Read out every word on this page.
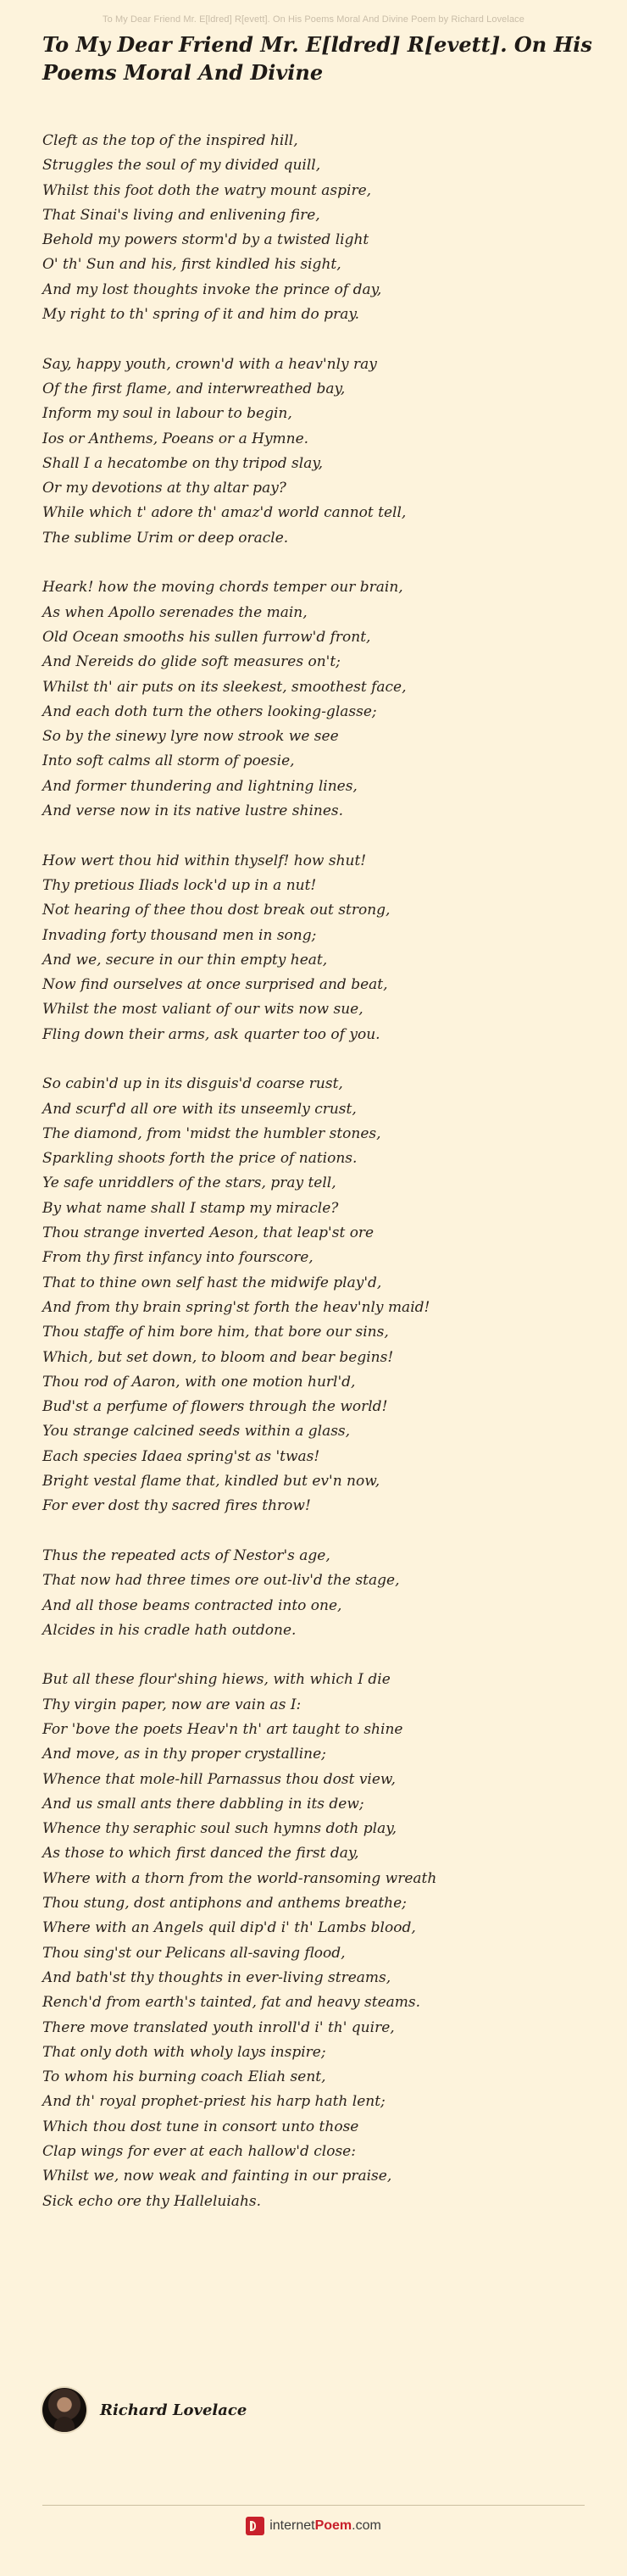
To My Dear Friend Mr. E[ldred] R[evett]. On His Poems Moral And Divine Poem by Richard Lovelace
To My Dear Friend Mr. E[ldred] R[evett]. On His Poems Moral And Divine
Cleft as the top of the inspired hill,
Struggles the soul of my divided quill,
Whilst this foot doth the watry mount aspire,
That Sinai's living and enlivening fire,
Behold my powers storm'd by a twisted light
O' th' Sun and his, first kindled his sight,
And my lost thoughts invoke the prince of day,
My right to th' spring of it and him do pray.
Say, happy youth, crown'd with a heav'nly ray
Of the first flame, and interwreathed bay,
Inform my soul in labour to begin,
Ios or Anthems, Poeans or a Hymne.
Shall I a hecatombe on thy tripod slay,
Or my devotions at thy altar pay?
While which t' adore th' amaz'd world cannot tell,
The sublime Urim or deep oracle.
Heark! how the moving chords temper our brain,
As when Apollo serenades the main,
Old Ocean smooths his sullen furrow'd front,
And Nereids do glide soft measures on't;
Whilst th' air puts on its sleekest, smoothest face,
And each doth turn the others looking-glasse;
So by the sinewy lyre now strook we see
Into soft calms all storm of poesie,
And former thundering and lightning lines,
And verse now in its native lustre shines.
How wert thou hid within thyself! how shut!
Thy pretious Iliads lock'd up in a nut!
Not hearing of thee thou dost break out strong,
Invading forty thousand men in song;
And we, secure in our thin empty heat,
Now find ourselves at once surprised and beat,
Whilst the most valiant of our wits now sue,
Fling down their arms, ask quarter too of you.
So cabin'd up in its disguis'd coarse rust,
And scurf'd all ore with its unseemly crust,
The diamond, from 'midst the humbler stones,
Sparkling shoots forth the price of nations.
Ye safe unriddlers of the stars, pray tell,
By what name shall I stamp my miracle?
Thou strange inverted Aeson, that leap'st ore
From thy first infancy into fourscore,
That to thine own self hast the midwife play'd,
And from thy brain spring'st forth the heav'nly maid!
Thou staffe of him bore him, that bore our sins,
Which, but set down, to bloom and bear begins!
Thou rod of Aaron, with one motion hurl'd,
Bud'st a perfume of flowers through the world!
You strange calcined seeds within a glass,
Each species Idaea spring'st as 'twas!
Bright vestal flame that, kindled but ev'n now,
For ever dost thy sacred fires throw!
Thus the repeated acts of Nestor's age,
That now had three times ore out-liv'd the stage,
And all those beams contracted into one,
Alcides in his cradle hath outdone.
But all these flour'shing hiews, with which I die
Thy virgin paper, now are vain as I:
For 'bove the poets Heav'n th' art taught to shine
And move, as in thy proper crystalline;
Whence that mole-hill Parnassus thou dost view,
And us small ants there dabbling in its dew;
Whence thy seraphic soul such hymns doth play,
As those to which first danced the first day,
Where with a thorn from the world-ransoming wreath
Thou stung, dost antiphons and anthems breathe;
Where with an Angels quil dip'd i' th' Lambs blood,
Thou sing'st our Pelicans all-saving flood,
And bath'st thy thoughts in ever-living streams,
Rench'd from earth's tainted, fat and heavy steams.
There move translated youth inroll'd i' th' quire,
That only doth with wholy lays inspire;
To whom his burning coach Eliah sent,
And th' royal prophet-priest his harp hath lent;
Which thou dost tune in consort unto those
Clap wings for ever at each hallow'd close:
Whilst we, now weak and fainting in our praise,
Sick echo ore thy Halleluiahs.
Richard Lovelace
internetPoem.com
